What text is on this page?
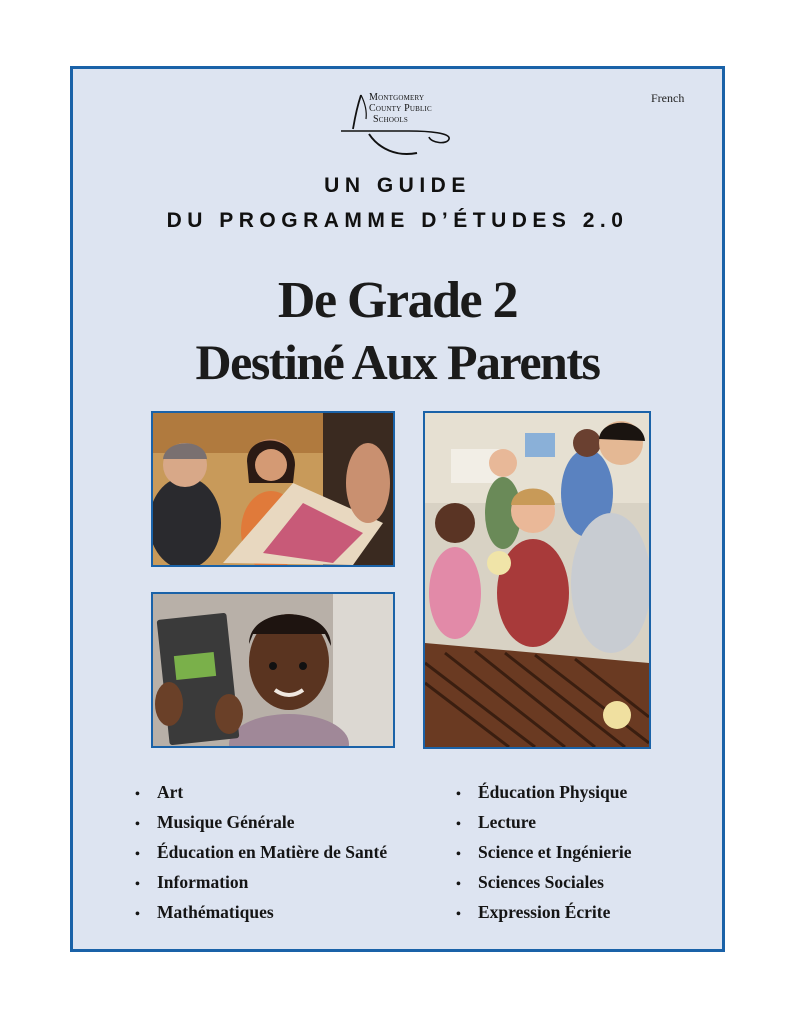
French
Montgomery
County Public
Schools
UN GUIDE
DU PROGRAMME D’ÉTUDES 2.0
De Grade 2
Destiné Aux Parents
• Art
• Musique Générale
• Éducation en Matière de Santé
• Information
• Mathématiques
• Éducation Physique
• Lecture
• Science et Ingénierie
• Sciences Sociales
• Expression Écrite
